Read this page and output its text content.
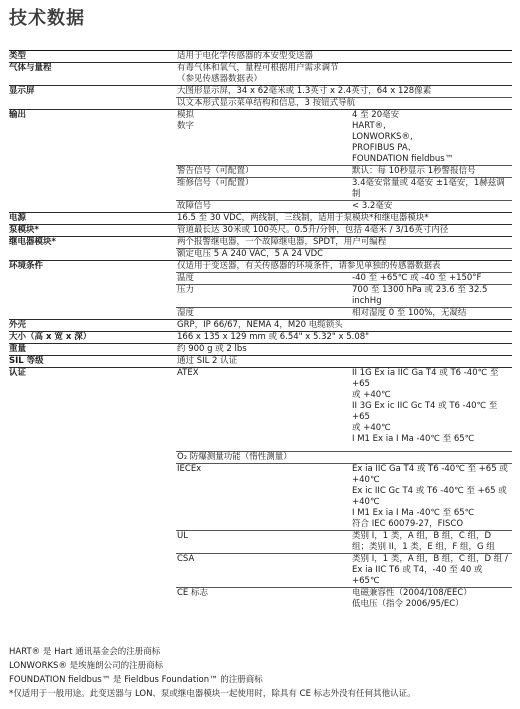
技术数据
类型	适用于电化学传感器的本安型变送器
气体与量程	有毒气体和氧气，量程可根据用户需求调节
（参见传感器数据表）
显示屏	大图形显示屏，34 x 62毫米或 1.3英寸 x 2.4英寸，64 x 128像素
以文本形式显示菜单结构和信息，3 按钮式导航
输出	模拟	4 至 20毫安
数字	HART®,
LONWORKS®,
PROFIBUS PA、
FOUNDATION fieldbus™
警告信号（可配置）	默认：每 10秒显示 1秒警报信号
维修信号（可配置）	3.4毫安常量或 4毫安 ±1毫安，1赫兹调
制
故障信号	< 3.2毫安
电源	16.5 至 30 VDC，两线制，三线制，适用于泵模块*和继电器模块*
泵模块*	管道最长达 30米或 100英尺。0.5升/分钟，包括 4毫米 / 3/16英寸内径
继电器模块*	两个报警继电器，一个故障继电器，SPDT，用户可编程
额定电压 5 A 240 VAC，5 A 24 VDC
环境条件	仅适用于变送器，有关传感器的环境条件，请参见单独的传感器数据表
温度	-40 至 +65℃ 或 -40 至 +150°F
压力	700 至 1300 hPa 或 23.6 至 32.5 inchHg
湿度	相对湿度 0 至 100%，无凝结
外壳	GRP，IP 66/67，NEMA 4，M20 电缆锁头
大小（高 x 宽 x 深）	166 x 135 x 129 mm 或 6.54" x 5.32" x 5.08"
重量	约 900 g 或 2 lbs
SIL 等级	通过 SIL 2 认证
认证	ATEX	II 1G Ex ia IIC Ga T4 或 T6 -40℃ 至 +65
或 +40℃
II 3G Ex ic IIC Gc T4 或 T6 -40℃ 至 +65
或 +40℃
I M1 Ex ia I Ma -40℃ 至 65℃
O₂ 防爆测量功能（惰性测量）
IECEx	Ex ia IIC Ga T4 或 T6 -40℃ 至 +65 或
+40℃
Ex ic IIC Gc T4 或 T6 -40℃ 至 +65 或
+40℃
I M1 Ex ia I Ma -40℃ 至 65℃
符合 IEC 60079-27，FISCO
UL	类别 I，1 类，A 组，B 组，C 组，D
组；类别 II，1 类，E 组，F 组，G 组
CSA	类别 I，1 类，A 组，B 组，C 组，D 组 /
Ex ia IIC T6 或 T4，-40 至 40 或 +65℃
CE 标志	电磁兼容性（2004/108/EEC）
低电压（指令 2006/95/EC）
HART® 是 Hart 通讯基金会的注册商标
LONWORKS® 是埃施朗公司的注册商标
FOUNDATION fieldbus™ 是 Fieldbus Foundation™ 的注册商标
*仅适用于一般用途。此变送器与 LON、泵或继电器模块一起使用时，除具有 CE 标志外没有任何其他认证。
